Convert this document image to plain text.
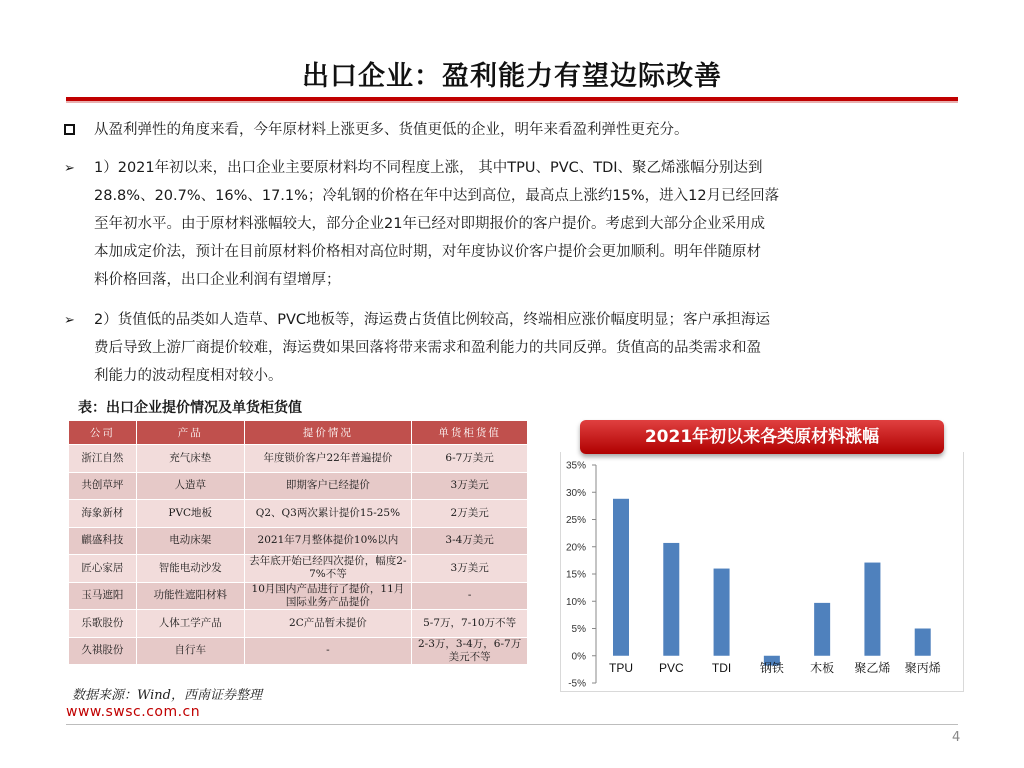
出口企业：盈利能力有望边际改善
从盈利弹性的角度来看，今年原材料上涨更多、货值更低的企业，明年来看盈利弹性更充分。
➢	1）2021年初以来，出口企业主要原材料均不同程度上涨， 其中TPU、PVC、TDI、聚乙烯涨幅分别达到
28.8%、20.7%、16%、17.1%；冷轧钢的价格在年中达到高位，最高点上涨约15%，进入12月已经回落
至年初水平。由于原材料涨幅较大，部分企业21年已经对即期报价的客户提价。考虑到大部分企业采用成
本加成定价法，预计在目前原材料价格相对高位时期，对年度协议价客户提价会更加顺利。明年伴随原材
料价格回落，出口企业利润有望增厚；
➢	2）货值低的品类如人造草、PVC地板等，海运费占货值比例较高，终端相应涨价幅度明显；客户承担海运
费后导致上游厂商提价较难，海运费如果回落将带来需求和盈利能力的共同反弹。货值高的品类需求和盈
利能力的波动程度相对较小。
表：出口企业提价情况及单货柜货值
公司	产品	提价情况	单货柜货值
浙江自然	充气床垫	年度锁价客户22年普遍提价	6-7万美元
共创草坪	人造草	即期客户已经提价	3万美元
海象新材	PVC地板	Q2、Q3两次累计提价15-25%	2万美元
麒盛科技	电动床架	2021年7月整体提价10%以内	3-4万美元
匠心家居	智能电动沙发	去年底开始已经四次提价，幅度2-7%不等	3万美元
玉马遮阳	功能性遮阳材料	10月国内产品进行了提价，11月国际业务产品提价	-
乐歌股份	人体工学产品	2C产品暂未提价	5-7万，7-10万不等
久祺股份	自行车	-	2-3万，3-4万，6-7万美元不等
数据来源：Wind，西南证券整理
www.swsc.com.cn
4
2021年初以来各类原材料涨幅
35%
30%
25%
20%
15%
10%
5%
0%
-5%
TPU PVC TDI 钢铁 木板 聚乙烯 聚丙烯
